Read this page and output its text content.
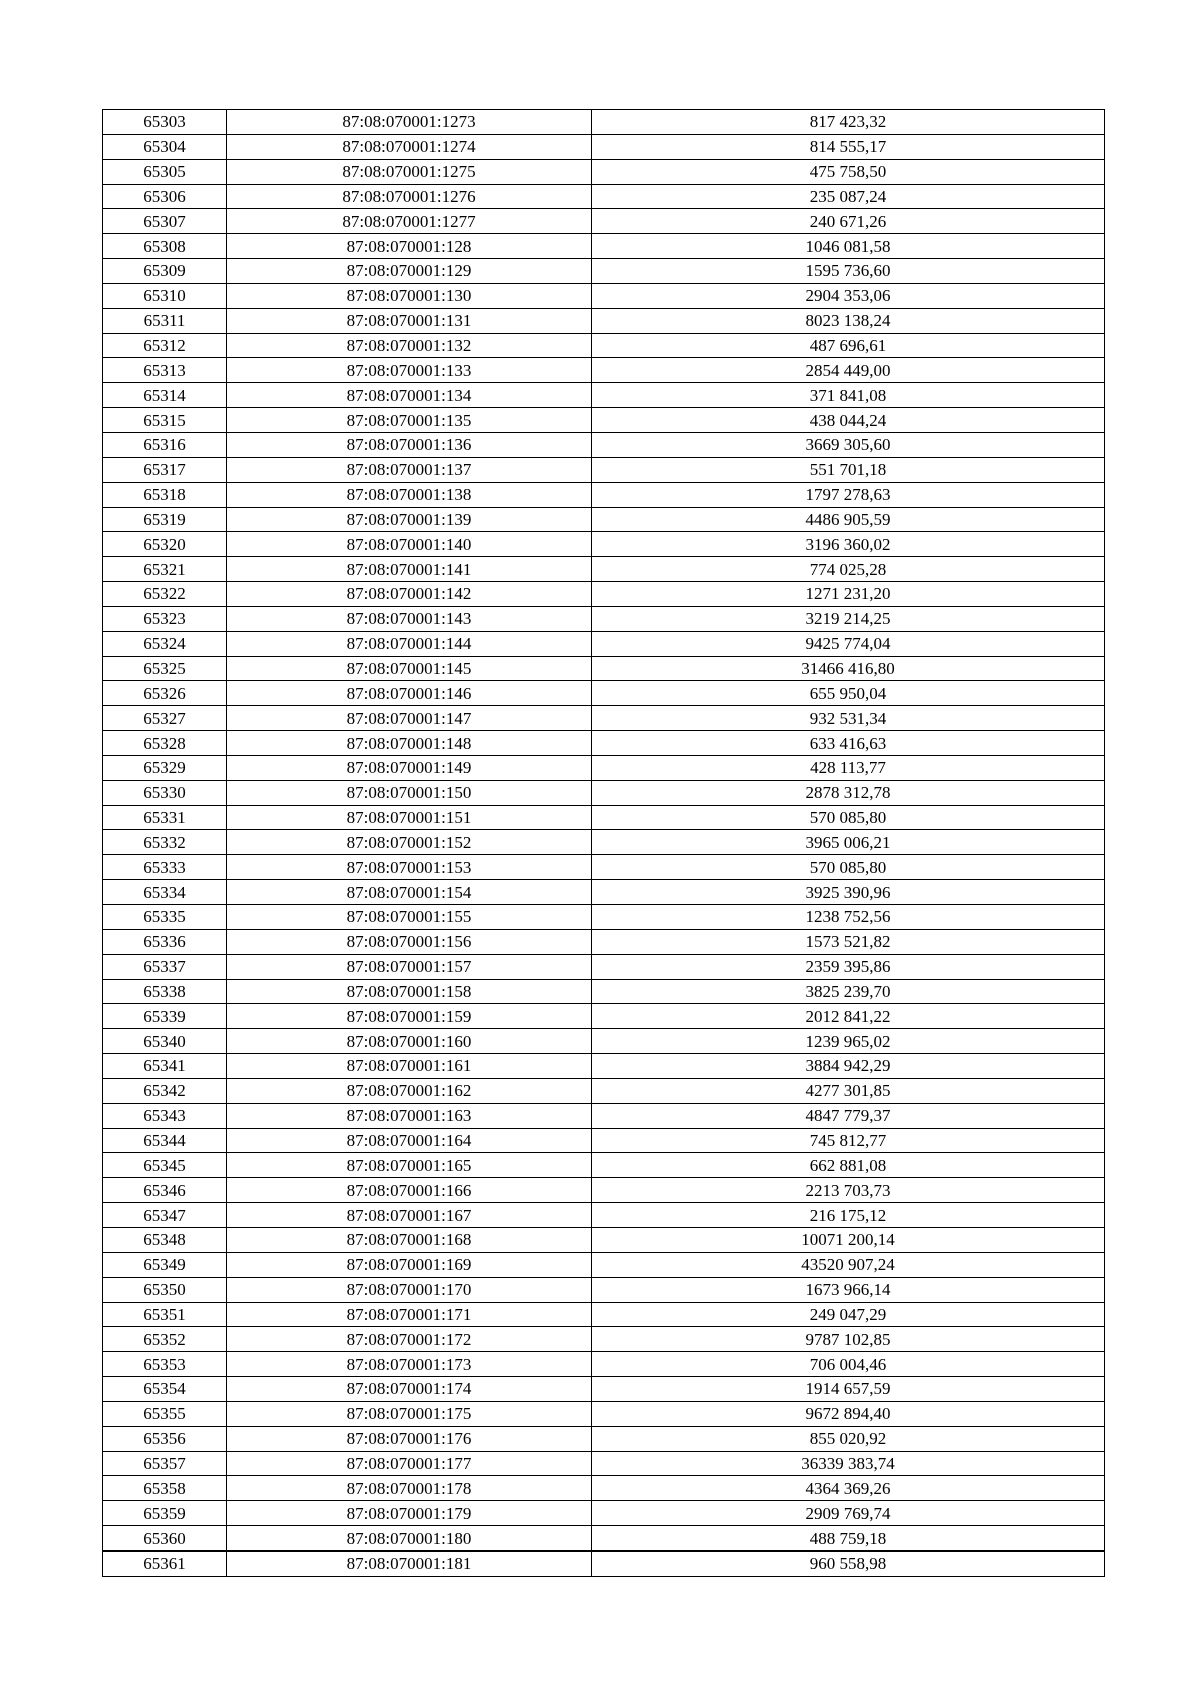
65303	87:08:070001:1273	817 423,32
65304	87:08:070001:1274	814 555,17
65305	87:08:070001:1275	475 758,50
65306	87:08:070001:1276	235 087,24
65307	87:08:070001:1277	240 671,26
65308	87:08:070001:128	1046 081,58
65309	87:08:070001:129	1595 736,60
65310	87:08:070001:130	2904 353,06
65311	87:08:070001:131	8023 138,24
65312	87:08:070001:132	487 696,61
65313	87:08:070001:133	2854 449,00
65314	87:08:070001:134	371 841,08
65315	87:08:070001:135	438 044,24
65316	87:08:070001:136	3669 305,60
65317	87:08:070001:137	551 701,18
65318	87:08:070001:138	1797 278,63
65319	87:08:070001:139	4486 905,59
65320	87:08:070001:140	3196 360,02
65321	87:08:070001:141	774 025,28
65322	87:08:070001:142	1271 231,20
65323	87:08:070001:143	3219 214,25
65324	87:08:070001:144	9425 774,04
65325	87:08:070001:145	31466 416,80
65326	87:08:070001:146	655 950,04
65327	87:08:070001:147	932 531,34
65328	87:08:070001:148	633 416,63
65329	87:08:070001:149	428 113,77
65330	87:08:070001:150	2878 312,78
65331	87:08:070001:151	570 085,80
65332	87:08:070001:152	3965 006,21
65333	87:08:070001:153	570 085,80
65334	87:08:070001:154	3925 390,96
65335	87:08:070001:155	1238 752,56
65336	87:08:070001:156	1573 521,82
65337	87:08:070001:157	2359 395,86
65338	87:08:070001:158	3825 239,70
65339	87:08:070001:159	2012 841,22
65340	87:08:070001:160	1239 965,02
65341	87:08:070001:161	3884 942,29
65342	87:08:070001:162	4277 301,85
65343	87:08:070001:163	4847 779,37
65344	87:08:070001:164	745 812,77
65345	87:08:070001:165	662 881,08
65346	87:08:070001:166	2213 703,73
65347	87:08:070001:167	216 175,12
65348	87:08:070001:168	10071 200,14
65349	87:08:070001:169	43520 907,24
65350	87:08:070001:170	1673 966,14
65351	87:08:070001:171	249 047,29
65352	87:08:070001:172	9787 102,85
65353	87:08:070001:173	706 004,46
65354	87:08:070001:174	1914 657,59
65355	87:08:070001:175	9672 894,40
65356	87:08:070001:176	855 020,92
65357	87:08:070001:177	36339 383,74
65358	87:08:070001:178	4364 369,26
65359	87:08:070001:179	2909 769,74
65360	87:08:070001:180	488 759,18
65361	87:08:070001:181	960 558,98
